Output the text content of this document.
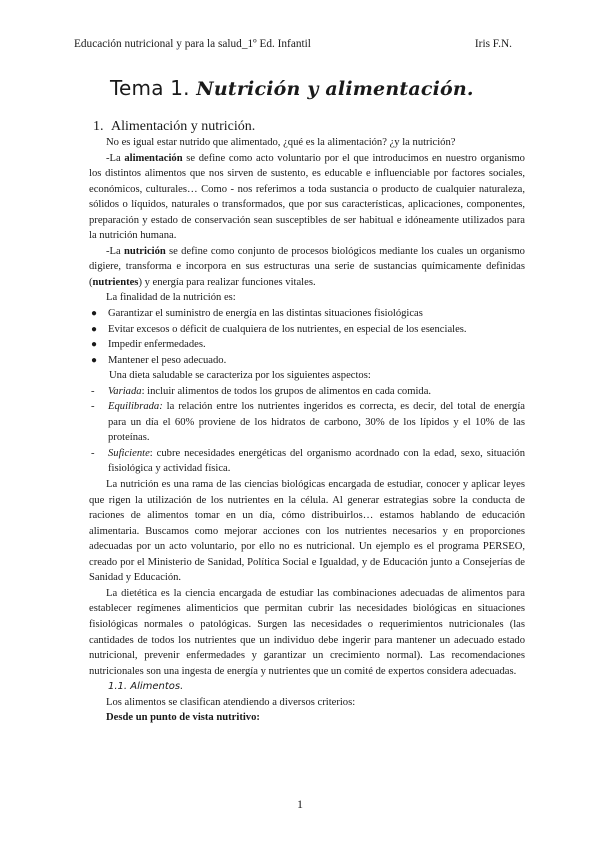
Educación nutricional y para la salud_1º Ed. Infantil	Iris F.N.
Tema 1. Nutrición y alimentación.
1. Alimentación y nutrición.

No es igual estar nutrido que alimentado, ¿qué es la alimentación? ¿y la nutrición?

-La alimentación se define como acto voluntario por el que introducimos en nuestro organismo los distintos alimentos que nos sirven de sustento, es educable e influenciable por factores sociales, económicos, culturales… Como - nos referimos a toda sustancia o producto de cualquier naturaleza, sólidos o líquidos, naturales o transformados, que por sus características, aplicaciones, componentes, preparación y estado de conservación sean susceptibles de ser habitual e idóneamente utilizados para la nutrición humana.

-La nutrición se define como conjunto de procesos biológicos mediante los cuales un organismo digiere, transforma e incorpora en sus estructuras una serie de sustancias químicamente definidas (nutrientes) y energía para realizar funciones vitales.

La finalidad de la nutrición es:

● Garantizar el suministro de energía en las distintas situaciones fisiológicas
● Evitar excesos o déficit de cualquiera de los nutrientes, en especial de los esenciales.
● Impedir enfermedades.
● Mantener el peso adecuado.

Una dieta saludable se caracteriza por los siguientes aspectos:

- Variada: incluir alimentos de todos los grupos de alimentos en cada comida.
- Equilibrada: la relación entre los nutrientes ingeridos es correcta, es decir, del total de energía para un día el 60% proviene de los hidratos de carbono, 30% de los lípidos y el 10% de las proteínas.
- Suficiente: cubre necesidades energéticas del organismo acordnado con la edad, sexo, situación fisiológica y actividad física.

La nutrición es una rama de las ciencias biológicas encargada de estudiar, conocer y aplicar leyes que rigen la utilización de los nutrientes en la célula. Al generar estrategias sobre la conducta de raciones de alimentos tomar en un día, cómo distribuirlos… estamos hablando de educación alimentaria. Buscamos como mejorar acciones con los nutrientes necesarios y en proporciones adecuadas por un acto voluntario, por ello no es nutricional. Un ejemplo es el programa PERSEO, creado por el Ministerio de Sanidad, Política Social e Igualdad, y de Educación junto a Consejerías de Sanidad y Educación.

La dietética es la ciencia encargada de estudiar las combinaciones adecuadas de alimentos para establecer regímenes alimenticios que permitan cubrir las necesidades biológicas en situaciones fisiológicas normales o patológicas. Surgen las necesidades o requerimientos nutricionales (las cantidades de todos los nutrientes que un individuo debe ingerir para mantener un adecuado estado nutricional, prevenir enfermedades y garantizar un crecimiento normal). Las recomendaciones nutricionales son una ingesta de energía y nutrientes que un comité de expertos considera adecuadas.

1.1. Alimentos.

Los alimentos se clasifican atendiendo a diversos criterios:

Desde un punto de vista nutritivo:

1
